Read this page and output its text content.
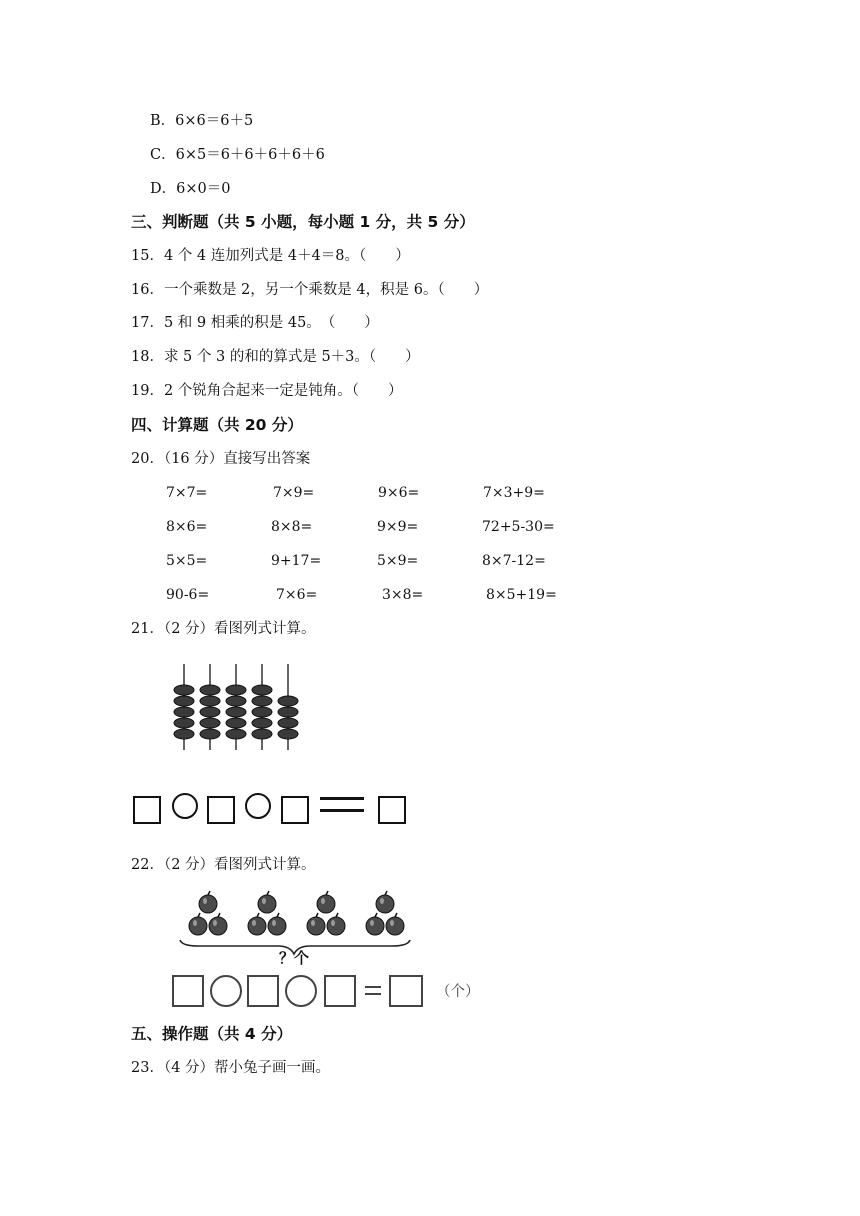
B．6×6＝6＋5
C．6×5＝6＋6＋6＋6＋6
D．6×0＝0
三、判断题（共 5 小题，每小题 1 分，共 5 分）
15．4 个 4 连加列式是 4＋4＝8。（　　）
16．一个乘数是 2，另一个乘数是 4，积是 6。（　　）
17．5 和 9 相乘的积是 45。　（　　）
18．求 5 个 3 的和的算式是 5＋3。（　　）
19．2 个锐角合起来一定是钝角。（　　）
四、计算题（共 20 分）
20．（16 分）直接写出答案
7×7=	7×9=	9×6=	7×3+9=
8×6=	8×8=	9×9=	72+5-30=
5×5=	9+17=	5×9=	8×7-12=
90-6=	7×6=	3×8=	8×5+19=
21．（2 分）看图列式计算。
22．（2 分）看图列式计算。
？个
（个）
五、操作题（共 4 分）
23．（4 分）帮小兔子画一画。
